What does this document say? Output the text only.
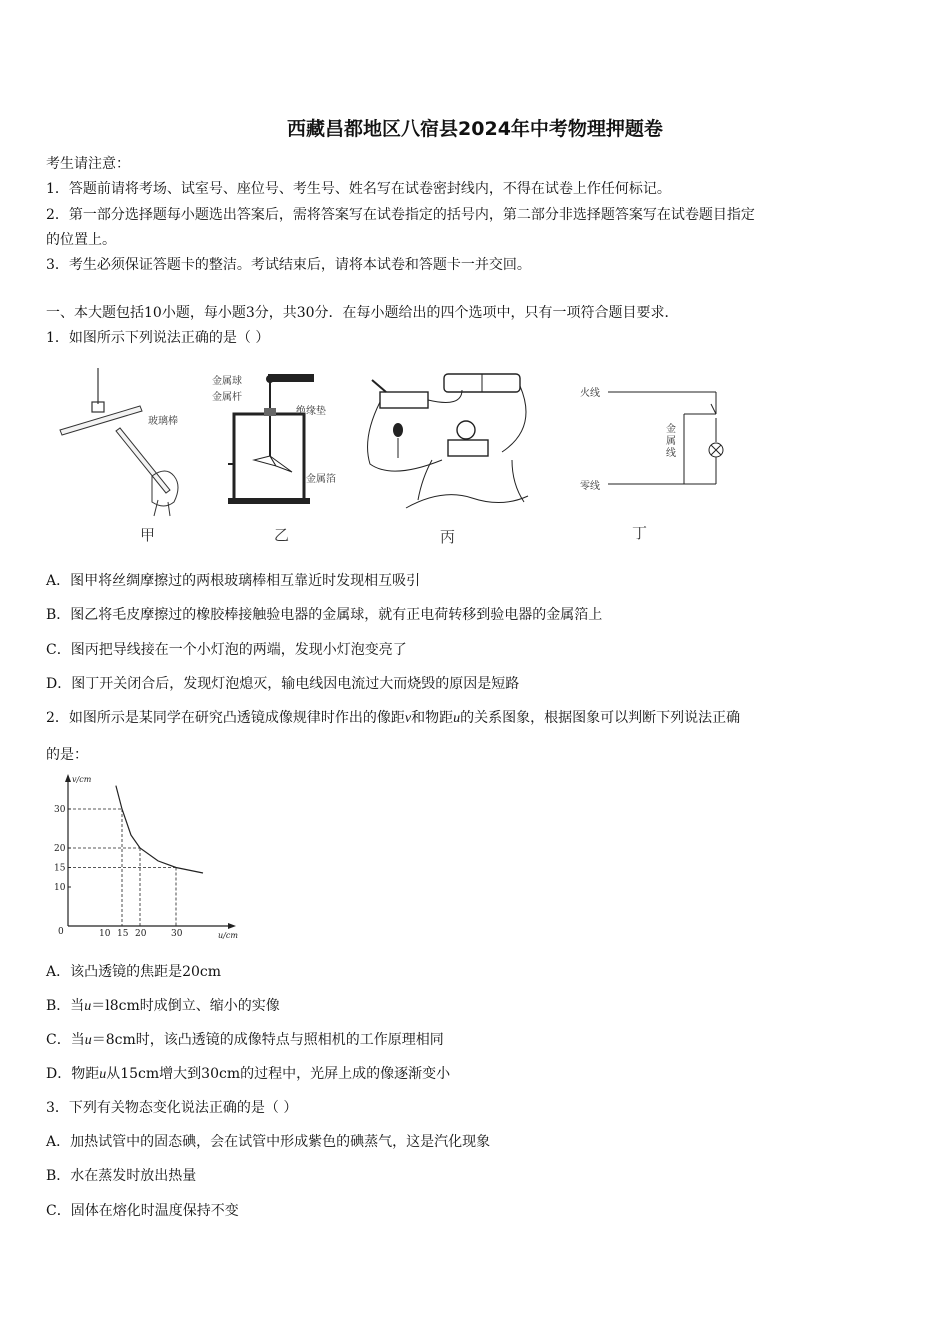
西藏昌都地区八宿县2024年中考物理押题卷
考生请注意：
1．答题前请将考场、试室号、座位号、考生号、姓名写在试卷密封线内，不得在试卷上作任何标记。
2．第一部分选择题每小题选出答案后，需将答案写在试卷指定的括号内，第二部分非选择题答案写在试卷题目指定
的位置上。
3．考生必须保证答题卡的整洁。考试结束后，请将本试卷和答题卡一并交回。
一、本大题包括10小题，每小题3分，共30分．在每小题给出的四个选项中，只有一项符合题目要求．
1．如图所示下列说法正确的是（ ）
玻璃棒
甲
金属球
金属杆
绝缘垫
金属箔
乙	丙
火线
零线
金属线
丁
A．图甲将丝绸摩擦过的两根玻璃棒相互靠近时发现相互吸引
B．图乙将毛皮摩擦过的橡胶棒接触验电器的金属球，就有正电荷转移到验电器的金属箔上
C．图丙把导线接在一个小灯泡的两端，发现小灯泡变亮了
D．图丁开关闭合后，发现灯泡熄灭，输电线因电流过大而烧毁的原因是短路
2．如图所示是某同学在研究凸透镜成像规律时作出的像距v和物距u的关系图象，根据图象可以判断下列说法正确
的是：
10 15 20	30
10
15
20
30
v/cm
u/cm
0
A．该凸透镜的焦距是20cm
B．当u＝l8cm时成倒立、缩小的实像
C．当u＝8cm时，该凸透镜的成像特点与照相机的工作原理相同
D．物距u从15cm增大到30cm的过程中，光屏上成的像逐渐变小
3．下列有关物态变化说法正确的是（ ）
A．加热试管中的固态碘，会在试管中形成紫色的碘蒸气，这是汽化现象
B．水在蒸发时放出热量
C．固体在熔化时温度保持不变
